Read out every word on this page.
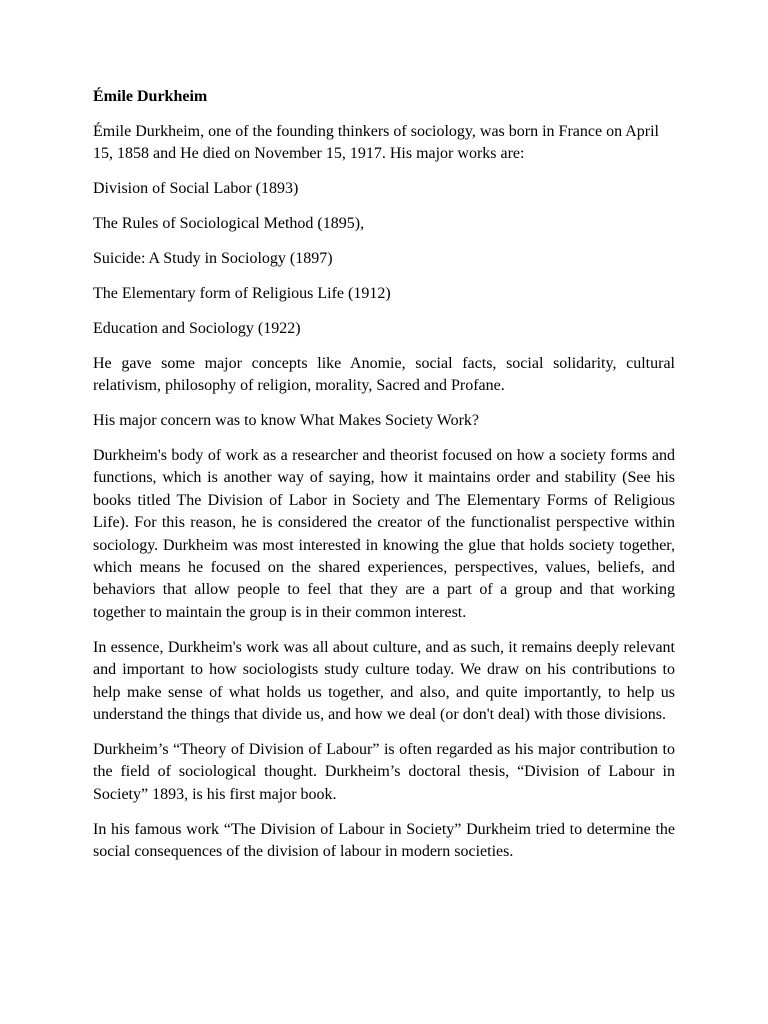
Émile Durkheim

Émile Durkheim, one of the founding thinkers of sociology, was born in France on April 15, 1858 and He died on November 15, 1917. His major works are:

Division of Social Labor (1893)

The Rules of Sociological Method (1895),

Suicide: A Study in Sociology (1897)

The Elementary form of Religious Life (1912)

Education and Sociology (1922)

He gave some major concepts like Anomie, social facts, social solidarity, cultural relativism, philosophy of religion, morality, Sacred and Profane.

His major concern was to know What Makes Society Work?

Durkheim's body of work as a researcher and theorist focused on how a society forms and functions, which is another way of saying, how it maintains order and stability (See his books titled The Division of Labor in Society and The Elementary Forms of Religious Life). For this reason, he is considered the creator of the functionalist perspective within sociology. Durkheim was most interested in knowing the glue that holds society together, which means he focused on the shared experiences, perspectives, values, beliefs, and behaviors that allow people to feel that they are a part of a group and that working together to maintain the group is in their common interest.

In essence, Durkheim's work was all about culture, and as such, it remains deeply relevant and important to how sociologists study culture today. We draw on his contributions to help make sense of what holds us together, and also, and quite importantly, to help us understand the things that divide us, and how we deal (or don't deal) with those divisions.

Durkheim’s “Theory of Division of Labour” is often regarded as his major contribution to the field of sociological thought. Durkheim’s doctoral thesis, “Division of Labour in Society” 1893, is his first major book.

In his famous work “The Division of Labour in Society” Durkheim tried to determine the social consequences of the division of labour in modern societies.
